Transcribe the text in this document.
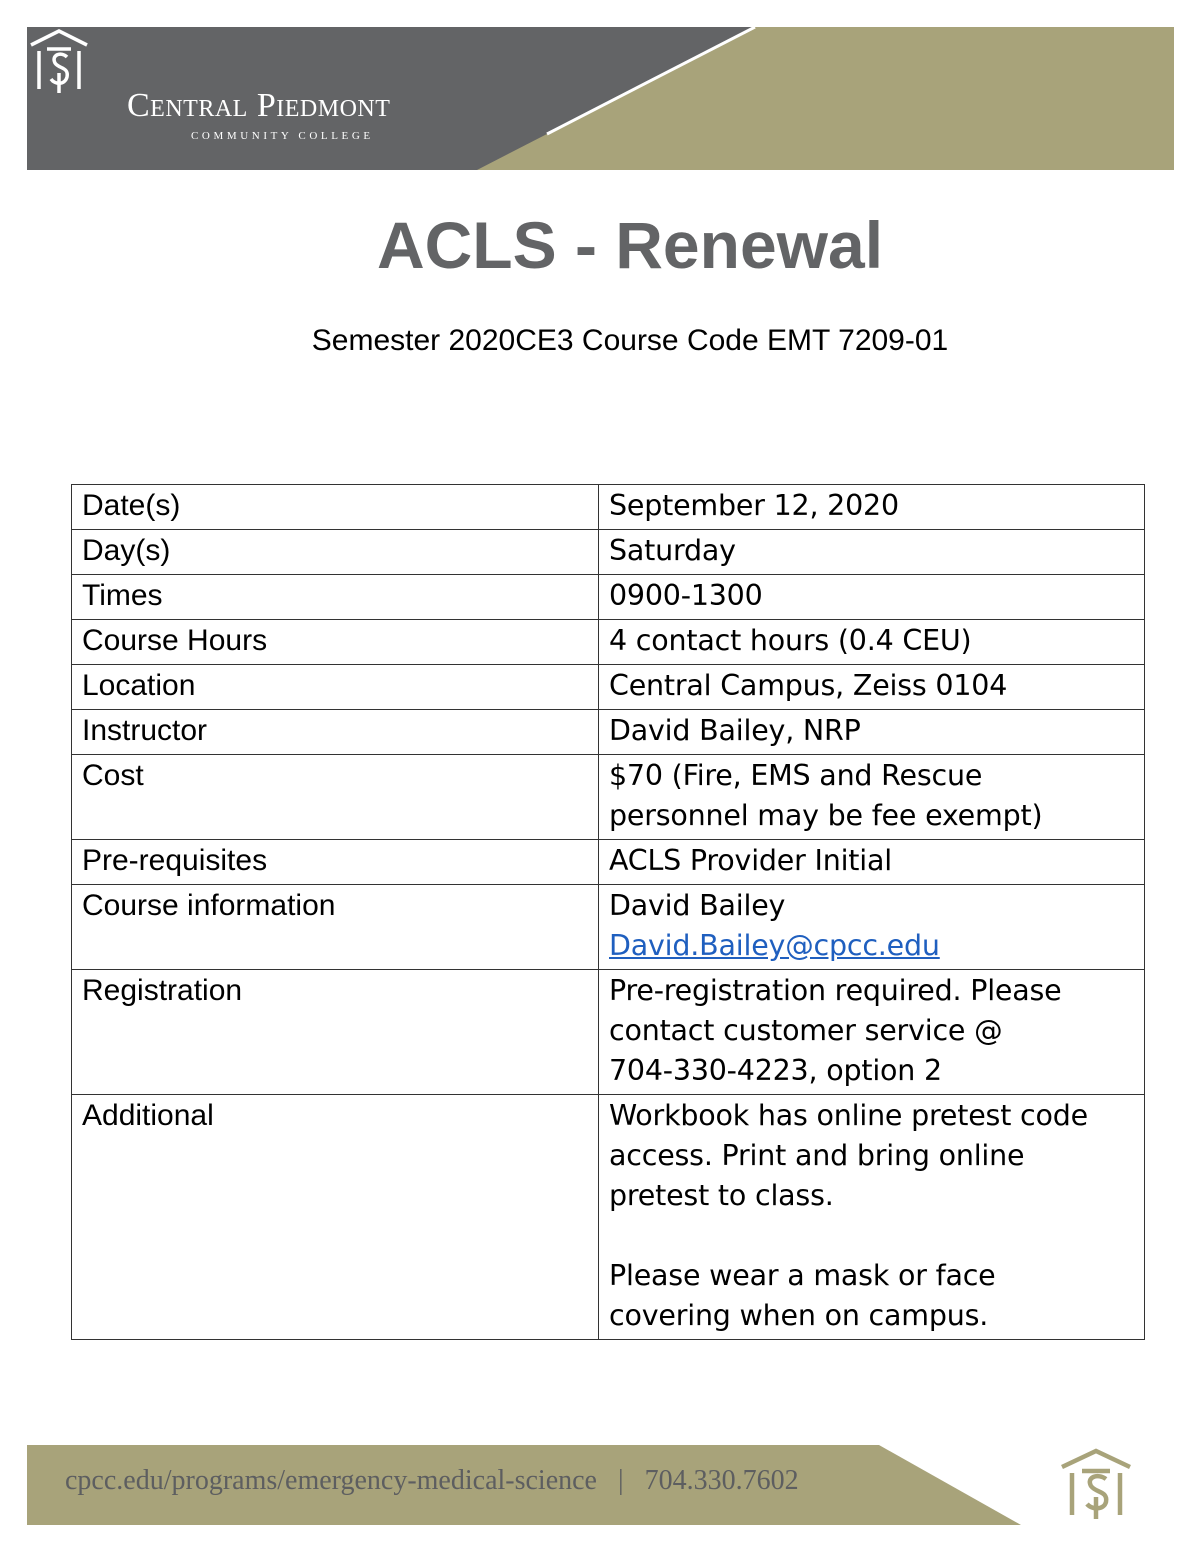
Central Piedmont
COMMUNITY COLLEGE
ACLS - Renewal
Semester 2020CE3 Course Code EMT 7209-01
Date(s)	September 12, 2020

Day(s)	Saturday

Times	0900-1300

Course Hours	4 contact hours (0.4 CEU)

Location	Central Campus, Zeiss 0104

Instructor	David Bailey, NRP

Cost	$70 (Fire, EMS and Rescue
personnel may be fee exempt)

Pre-requisites	ACLS Provider Initial

Course information	David Bailey
David.Bailey@cpcc.edu

Registration	Pre-registration required. Please
contact customer service @
704-330-4223, option 2

Additional	Workbook has online pretest code
access. Print and bring online
pretest to class.
Please wear a mask or face
covering when on campus.
cpcc.edu/programs/emergency-medical-science | 704.330.7602
